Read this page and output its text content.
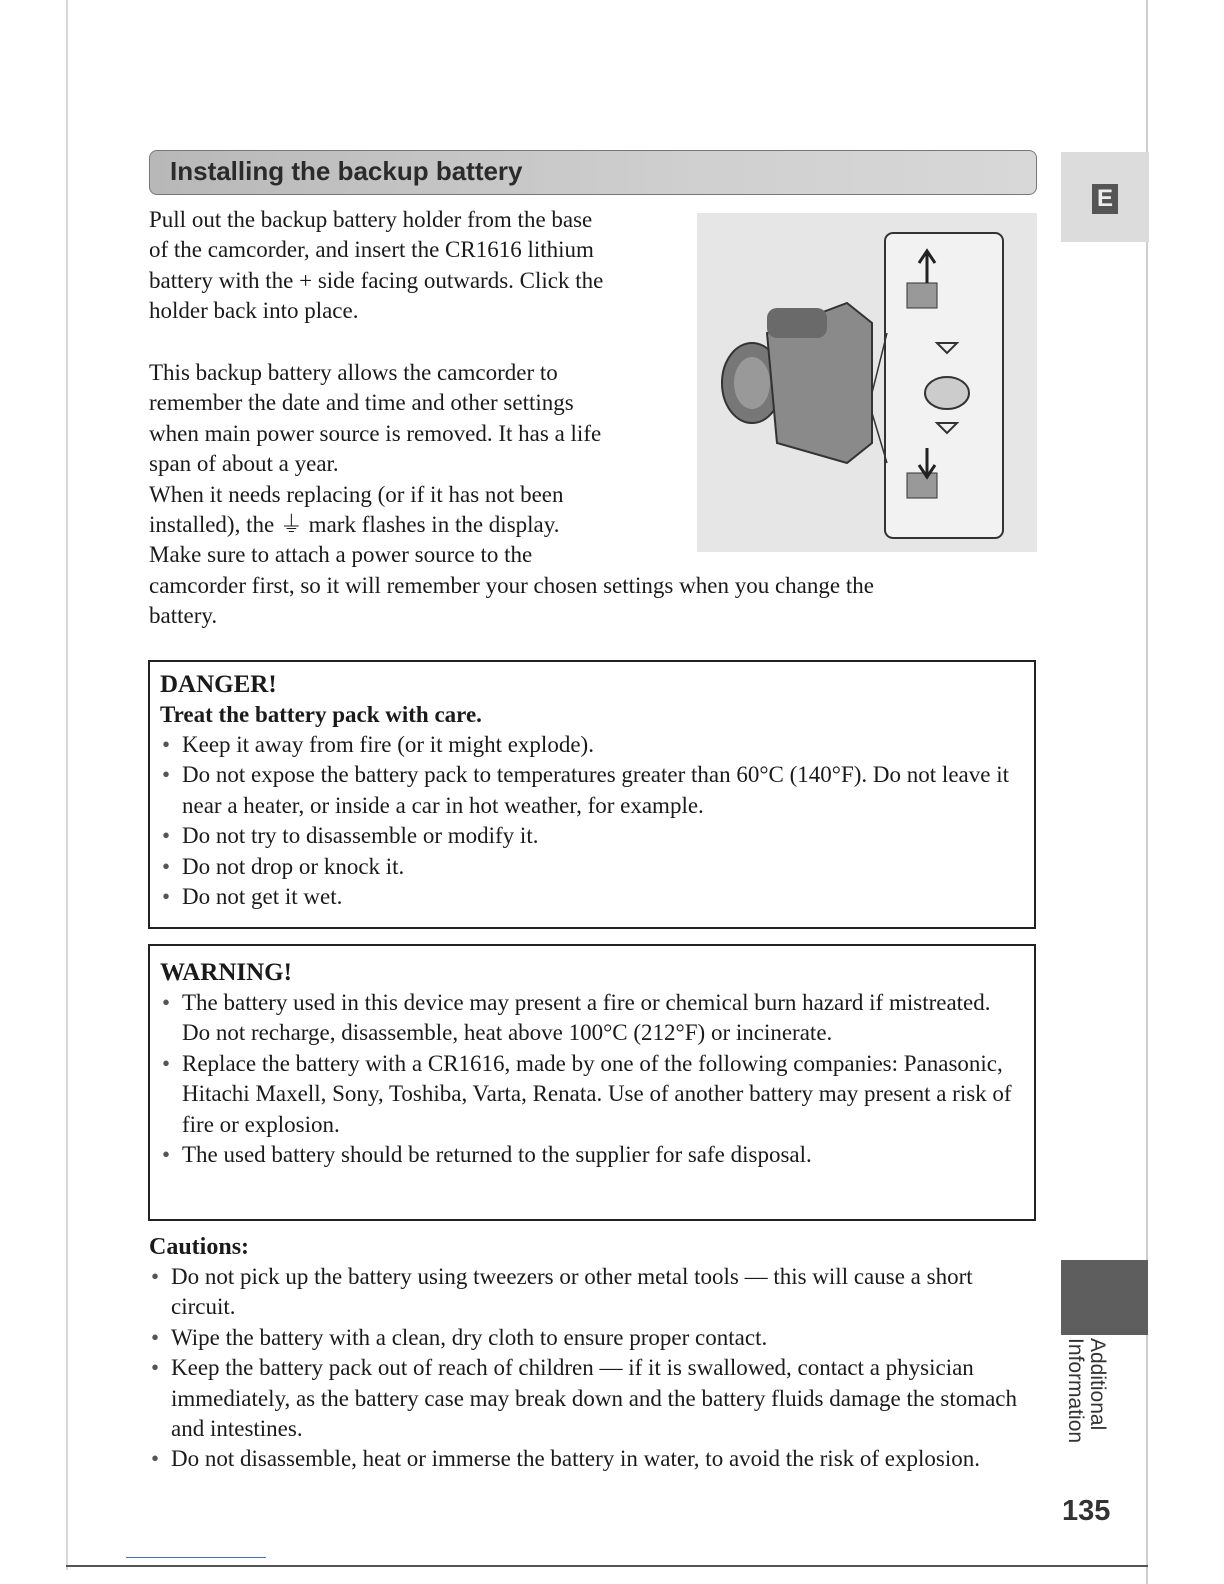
Installing the backup battery
E
Additional
Information
135
Pull out the backup battery holder from the base
of the camcorder, and insert the CR1616 lithium
battery with the + side facing outwards. Click the
holder back into place.
This backup battery allows the camcorder to
remember the date and time and other settings
when main power source is removed. It has a life
span of about a year.
When it needs replacing (or if it has not been
installed), the ⏚ mark flashes in the display.
Make sure to attach a power source to the
camcorder first, so it will remember your chosen settings when you change the
battery.
DANGER!
Treat the battery pack with care.
• Keep it away from fire (or it might explode).
• Do not expose the battery pack to temperatures greater than 60°C (140°F). Do not leave it near a heater, or inside a car in hot weather, for example.
• Do not try to disassemble or modify it.
• Do not drop or knock it.
• Do not get it wet.
WARNING!
• The battery used in this device may present a fire or chemical burn hazard if mistreated. Do not recharge, disassemble, heat above 100°C (212°F) or incinerate.
• Replace the battery with a CR1616, made by one of the following companies: Panasonic, Hitachi Maxell, Sony, Toshiba, Varta, Renata. Use of another battery may present a risk of fire or explosion.
• The used battery should be returned to the supplier for safe disposal.
Cautions:
• Do not pick up the battery using tweezers or other metal tools — this will cause a short circuit.
• Wipe the battery with a clean, dry cloth to ensure proper contact.
• Keep the battery pack out of reach of children — if it is swallowed, contact a physician immediately, as the battery case may break down and the battery fluids damage the stomach and intestines.
• Do not disassemble, heat or immerse the battery in water, to avoid the risk of explosion.
